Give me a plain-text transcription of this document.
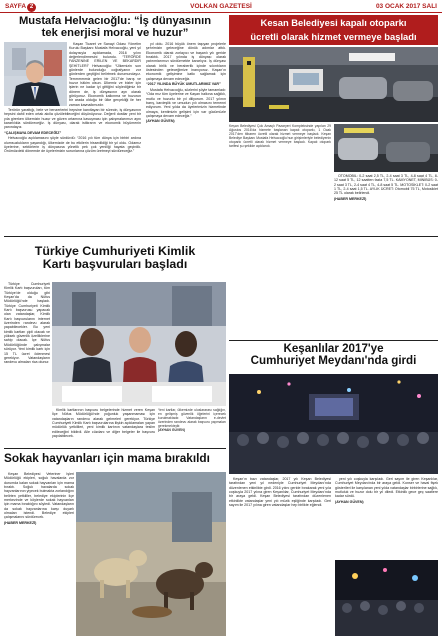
SAYFA 2	VOLKAN GAZETESİ	03 OCAK 2017 SALI
Mustafa Helvacıoğlu: “İş dünyasının
tek enerjisi moral ve huzur”

Kaşan Ticaret ve Sanayi Odası Yönetim Kurulu Başkanı Mustafa Helvacıoğlu, yeni yıl dolayısıyla açıklamada, 2016 yılını değerlendirmesini bulundu. “TERÖRDE FANZENİNE ERİLEN VE BEKARDIR ŞEHİTLERİ” Helvacıoğlu: “Ülkemizin son günlerde bulunduğu coğrafyanın zor günlerden geçtiğini belirtmek durumundayız. Temmmmmiz gelen bir 2017'de barış ve huzur hâkim olsun. Ülkemiz ve bizler için işlerin ne kadar iyi gittiğini söylediğimiz bir dönem de, iş dünyasının ayrı olarak görüyoruz. Ekonomik kalkınma ve huzurun bir arada olduğu bir ülke gerçekliği ile her zaman kaynağımızdır.

Terörün yarattığı, bele ve benzerlerini hepsine kanıtlayan bir sürecin, iş dünyasının hepsini dahil eden ortak akılla çözülebileceğini düşünüyoruz. Değerli dostlar yeni bir yıla girerken ülkemizin huzur ve güven ortamına kavuşması için çalışmalarımızı aynı kararlılıkla sürdüreceğiz. İş dünyası, olarak istikrarın ve ekonomik büyümenin yanındayız.

“ÇALIŞMAYA DEVAM EDECEĞİZ”

Helvacıoğlu açıklamasını şöyle sürdürdü: “2016 yılı tüm dünya için birbiri ardına olumsuzlukların yaşandığı, ülkemizde de bu etkilerin hissedildiği bir yıl oldu. Odamız üyelerine, sektörlerin iş dünyasına yönelik pek çok yeniliği hayata geçirdik. Önümüzdeki dönemde de üyelerimizin sorunlarına çözüm üretmeyi sürdüreceğiz.”

yıl oldu. 2016 büyük önem taşıyan projelerle şehrimizin geleceğine dönük adımlar attık. Ekonomik olarak zorlayıcı ve başarılı yılı geride bıraktık. 2017 yılında iş dünyası olarak yatırımlarımızı sürdürmekte kararlıyız. İş dünyası olarak birlik ve beraberlik içinde sıkıntıların üstesinden geleceğimize inanıyoruz. Kaşan'ın ekonomik gelişimine katkı sağlamak için çalışmaya devam edeceğiz.

“2017 YILINDA BÜYÜK UMUTLARIMIZ VAR”

Mustafa Helvacıoğlu, sözlerini şöyle tamamladı: “Oda mız tüm üyelerine ve Kaşan halkına sağlıklı, mutlu ve huzurlu bir yıl diliyorum. 2017 yılının barış, kardeşlik ve umudun yılı olmasını temenni ediyorum. Yeni yılda da üyelerimizin hizmetinde olmaya, kentimizin gelişimi için var gücümüzle çalışmaya devam edeceğiz.”

(AYHAN GÜVEN)

Kesan Belediyesi kapalı otoparkı
ücretli olarak hizmet vermeye başladı

Keşan Belediyesi Çok Amaçlı Pazaryeri Kompleksinde yapılan 29 Ağustos 2016'da hizmete başlanan kapalı otoparkı, 1 Ocak 2017'den itibaren ücretli olarak hizmet vermeye başladı. Keşan Belediye Başkanı Mustafa Helvacıoğlu'nun girişimleriyle belediyenin otoparkı ücretli olarak hizmet vermeye başladı. Kapalı otopark tarifesi şu şekilde açıklandı.

OTOMOBİL: 0-2 saat 2,5 TL, 2-4 saat 3 TL, 4-8 saat 4 TL, 8-12 saat 5 TL, 12 saatten fazla 7,5 TL. KAMYONET, MİNİBÜS: 0-2 saat 3 TL, 2-4 saat 4 TL, 4-8 saat 5 TL. MOTOSİKLET: 0-2 saat 1 TL, 2-4 saat 1,5 TL. AYLIK ÜCRET: Otomobil 75 TL, Motosiklet 25 TL olarak belirlendi.

(HABER MERKEZİ)

Türkiye Cumhuriyeti Kimlik
Kartı başvuruları başladı

Türkiye Cumhuriyeti Kimlik Kartı başvuruları, tüm Türkiye'de olduğu gibi Keşan'da da Nüfus Müdürlüğü'nde başladı. Türkiye Cumhuriyeti Kimlik Kartı başvurusu yapacak olan vatandaşlar, Kimlik Kartı başvurularını internet üzerinden randevu alarak yapabilecekler. Bu yeni kimlik kartları çipli olacak ve yüksek güvenlik özelliklerine sahip olacak. İçe Nüfus Müdürlüğünde çalışmalar sürüyor. Yeni kimlik kartı için 15 TL ücret ödenmesi gerekiyor. Vatandaşların randevu almaları rica olunur.

Yeni kartlar, ülkemizde uluslararası sağlığın, en gelişmiş güvenlik öğelerini içerecek kurulmaktadır. Vatandaşların e-devlet üzerinden randevu alarak başvuru yapmaları gerekmektedir.

(AYHAN GÜVEN)

Kimlik kartlarının başvuru belgelerinde hizmet veren Keşan İlçe Nüfus Müdürlüğü'nde yoğunluk yaşanmaması için vatandaşların randevu alarak gelmeleri gerekiyor. Türkiye Cumhuriyeti Kimlik Kartı başvurularına ilişkin açıklamaları yapan müdürlük yetkilileri, yeni kimlik kartının vatandaşlara teslim edileceğini bildirdi. Aile cüzdanı ve diğer belgeler ile başvuru yapılabilecek.

Sokak hayvanları için mama bırakıldı

Keşan Belediyesi Veteriner İşleri Müdürlüğü ekipleri, soğuk havalarda zor durumda kalan sokak hayvanları için mama bıraktı. Soğuk havalarda sokak hayvanlarının yiyecek bulmakta zorlandığını belirten yetkililer, belediye ekiplerinin ilçe merkezinde ve köylerde sokak hayvanları için mama bıraktığını söyledi. Vatandaşların da sokak hayvanlarına karşı duyarlı olmaları istendi. Belediye ekipleri çalışmalarını sürdürecek.

(HABER MERKEZİ)

Keşanlılar 2017'ye
Cumhuriyet Meydanı'nda girdi

Keşan'ın bazı vatandaşlar, 2017 yılı Keşan Belediyesi tarafından yeni yıl nedeniyle Cumhuriyet Meydanı'nda düzenlenen etkinlikte girdi. 2016 yılını geride bırakarak yeni yıla coşkuyla 2017 yılına giren Keşanlılar, Cumhuriyet Meydanı'nda bir araya geldi. Keşan Belediyesi tarafından düzenlenen etkinlikte vatandaşlar yeni yılı müzik eşliğinde karşıladı. Geri sayım ile 2017 yılına giren vatandaşlar hep birlikte eğlendi.

yeni yılı coşkuyla karşıladı. Geri sayım ile giren Keşanlılar, Cumhuriyet Meydanı'nda bir araya geldi. Konser ve havai fişek gösterileri ile karşılanan yeni yılda vatandaşlar birbirlerine sağlık, mutluluk ve huzur dolu bir yıl diledi. Etkinlik gece geç saatlere kadar sürdü.

(AYHAN GÜVEN)
